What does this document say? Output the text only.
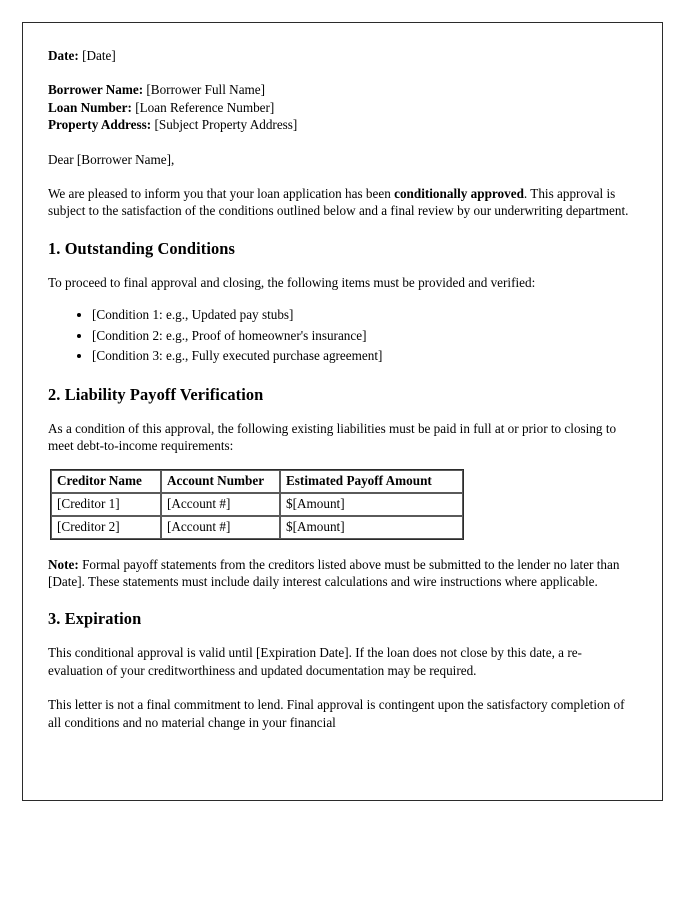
Date: [Date]

Borrower Name: [Borrower Full Name]

Loan Number: [Loan Reference Number]

Property Address: [Subject Property Address]

Dear [Borrower Name],

We are pleased to inform you that your loan application has been conditionally approved. This approval is subject to the satisfaction of the conditions outlined below and a final review by our underwriting department.

1. Outstanding Conditions

To proceed to final approval and closing, the following items must be provided and verified:

• [Condition 1: e.g., Updated pay stubs]
• [Condition 2: e.g., Proof of homeowner's insurance]
• [Condition 3: e.g., Fully executed purchase agreement]
2. Liability Payoff Verification

As a condition of this approval, the following existing liabilities must be paid in full at or prior to closing to meet debt-to-income requirements:

Creditor Name	Account Number	Estimated Payoff Amount
[Creditor 1]	[Account #]	$[Amount]
[Creditor 2]	[Account #]	$[Amount]

Note: Formal payoff statements from the creditors listed above must be submitted to the lender no later than [Date]. These statements must include daily interest calculations and wire instructions where applicable.

3. Expiration

This conditional approval is valid until [Expiration Date]. If the loan does not close by this date, a re-evaluation of your creditworthiness and updated documentation may be required.

This letter is not a final commitment to lend. Final approval is contingent upon the satisfactory completion of all conditions and no material change in your financial
